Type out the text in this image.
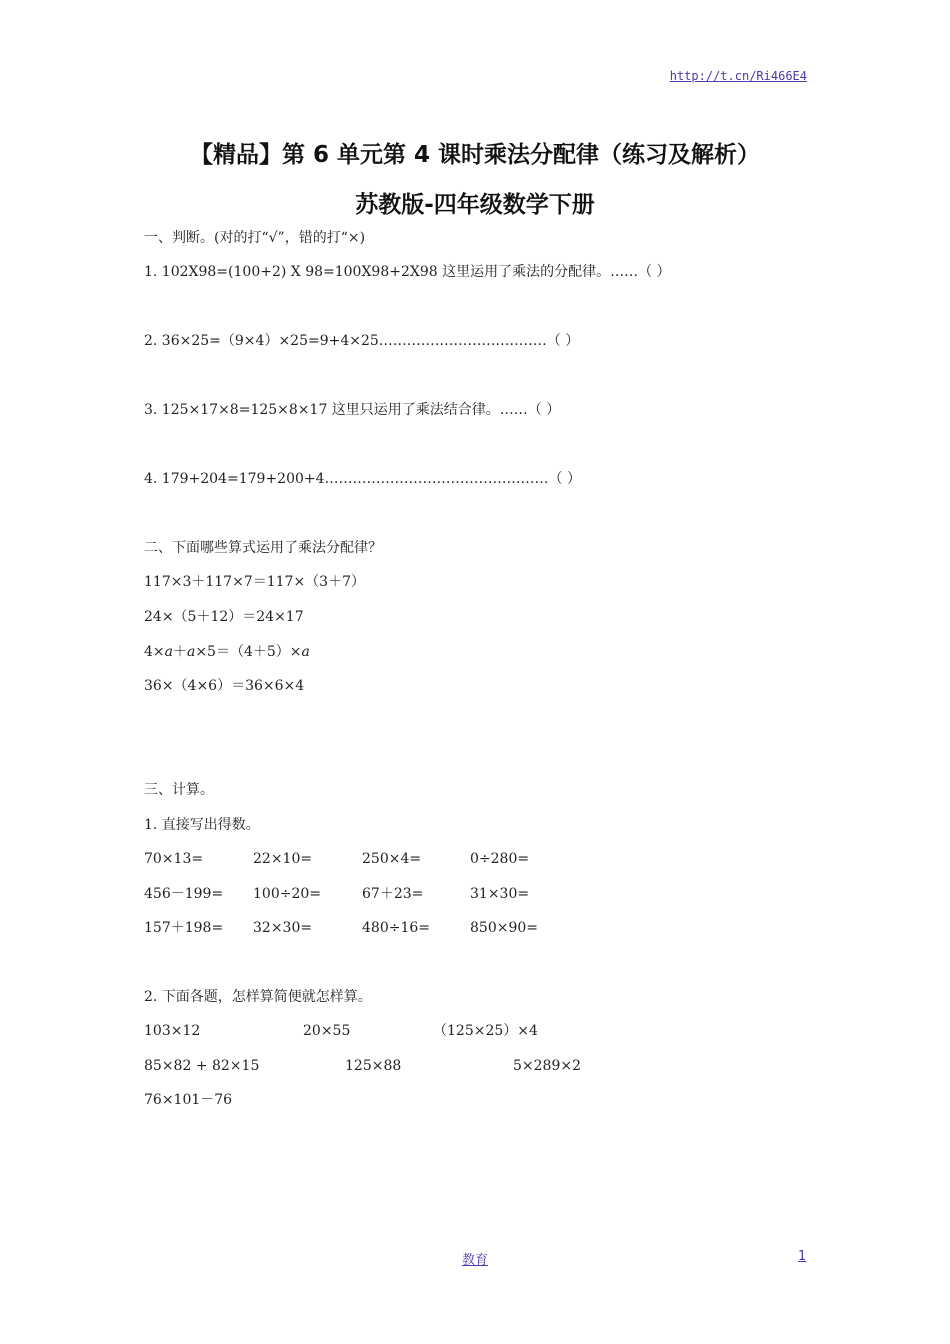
http://t.cn/Ri466E4
【精品】第 6 单元第 4 课时乘法分配律（练习及解析）
苏教版-四年级数学下册
一、判断。(对的打“√”，错的打“×)
1. 102X98=(100+2) X 98=100X98+2X98 这里运用了乘法的分配律。……（ ）
2. 36×25=（9×4）×25=9+4×25………………………………（ ）
3. 125×17×8=125×8×17 这里只运用了乘法结合律。……（ ）
4. 179+204=179+200+4…………………………………………（ ）
二、下面哪些算式运用了乘法分配律？
117×3＋117×7＝117×（3＋7）
24×（5＋12）＝24×17
4×𝑎＋𝑎×5＝（4＋5）×𝑎
36×（4×6）＝36×6×4
三、计算。
1. 直接写出得数。
70×13=	22×10=	250×4=	0÷280=
456－199= 100÷20=	67＋23=	31×30=
157＋198= 32×30=	480÷16=	850×90=
2. 下面各题，怎样算简便就怎样算。
103×12	20×55	（125×25）×4
85×82 + 82×15	125×88	5×289×2
76×101－76
教育	1
